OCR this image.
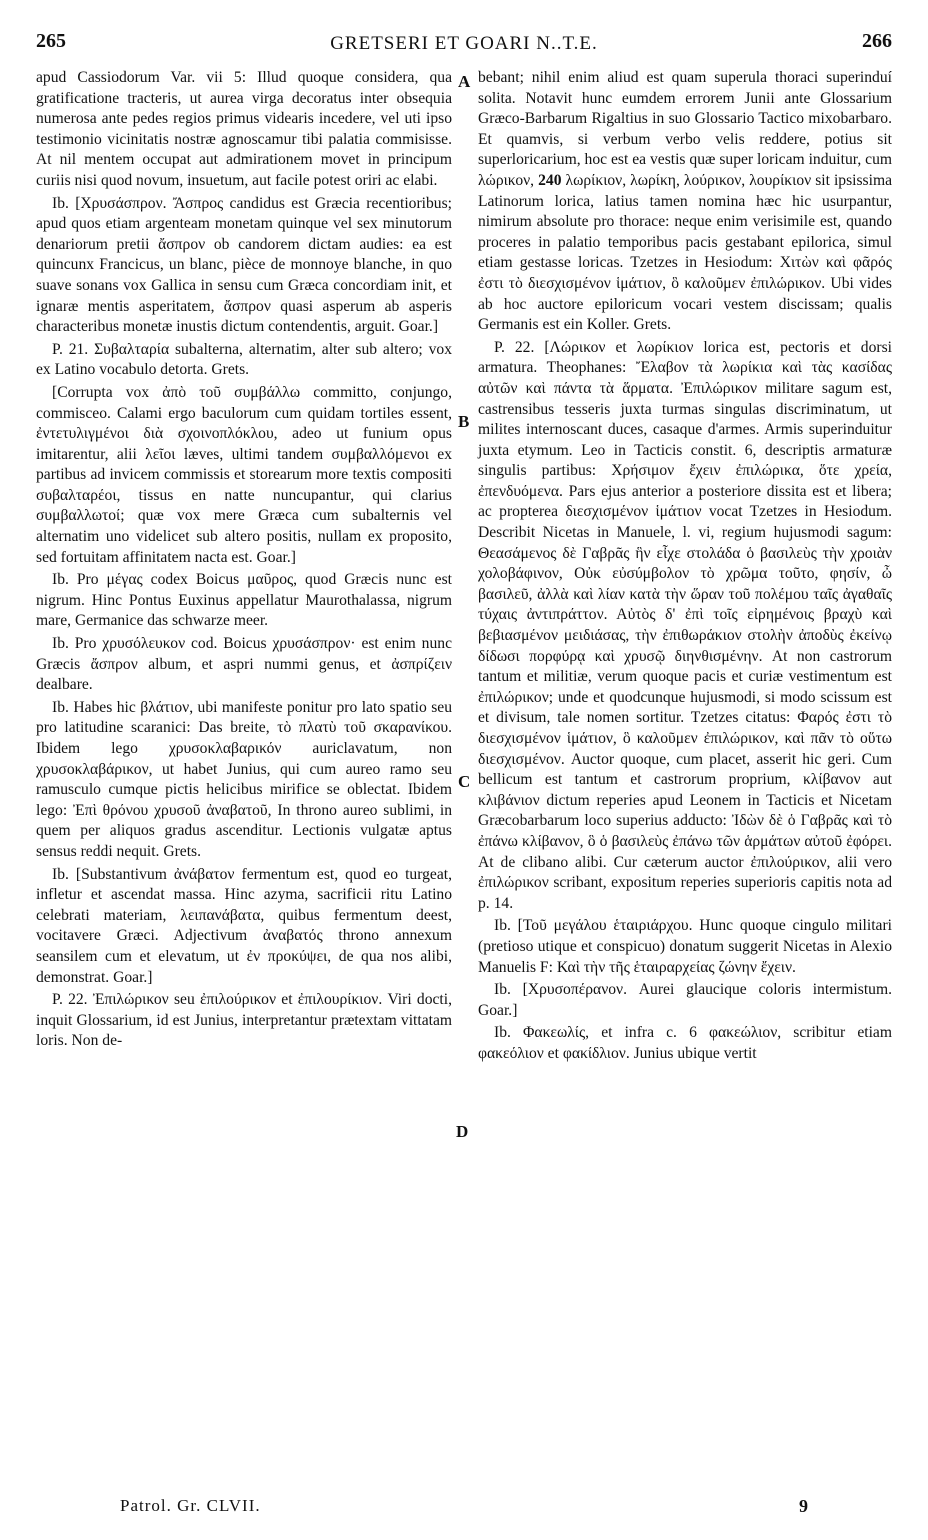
265	GRETSERI ET GOARI N..T.E.	266

apud Cassiodorum Var. vii 5: Illud quoque considera, qua gratificatione tracteris, ut aurea virga decoratus inter obsequia numerosa ante pedes regios primus videaris incedere, vel uti ipso testimonio vicinitatis nostræ agnoscamur tibi palatia commisisse. At nil mentem occupat aut admirationem movet in principum curiis nisi quod novum, insuetum, aut facile potest oriri ac elabi.

Ib. [Χρυσάσπρον. Ἄσπρος candidus est Græcia recentioribus; apud quos etiam argenteam monetam quinque vel sex minutorum denariorum pretii ἄσπρον ob candorem dictam audies: ea est quincunx Francicus, un blanc, pièce de monnoye blanche, in quo suave sonans vox Gallica in sensu cum Græca concordiam init, et ignaræ mentis asperitatem, ἄσπρον quasi asperum ab asperis characteribus monetæ inustis dictum contendentis, arguit. Goar.]

P. 21. Συβαλταρία subalterna, alternatim, alter sub altero; vox ex Latino vocabulo detorta. Grets.

[Corrupta vox ἀπὸ τοῦ συμβάλλω committo, conjungo, commisceo. Calami ergo baculorum cum quidam tortiles essent, ἐντετυλιγμένοι διὰ σχοινοπλόκλου, adeo ut funium opus imitarentur, alii λεῖοι læves, ultimi tandem συμβαλλόμενοι ex partibus ad invicem commissis et storearum more textis compositi συβαλταρέοι, tissus en natte nuncupantur, qui clarius συμβαλλωτοί; quæ vox mere Græca cum subalternis vel alternatim uno videlicet sub altero positis, nullam ex proposito, sed fortuitam affinitatem nacta est. Goar.]

Ib. Pro μέγας codex Boicus μαῦρος, quod Græcis nunc est nigrum. Hinc Pontus Euxinus appellatur Maurothalassa, nigrum mare, Germanice das schwarze meer.

Ib. Pro χρυσόλευκον cod. Boicus χρυσάσπρον· est enim nunc Græcis ἄσπρον album, et aspri nummi genus, et ἀσπρίζειν dealbare.

Ib. Habes hic βλάτιον, ubi manifeste ponitur pro lato spatio seu pro latitudine scaranici: Das breite, τὸ πλατὺ τοῦ σκαρανίκου. Ibidem lego χρυσοκλαβαρικόν auriclavatum, non χρυσοκλαβάρικον, ut habet Junius, qui cum aureo ramo seu ramusculo cumque pictis helicibus mirifice se oblectat. Ibidem lego: Ἐπὶ θρόνου χρυσοῦ ἀναβατοῦ, In throno aureo sublimi, in quem per aliquos gradus ascenditur. Lectionis vulgatæ aptus sensus reddi nequit. Grets.

Ib. [Substantivum ἀνάβατον fermentum est, quod eo turgeat, infletur et ascendat massa. Hinc azyma, sacrificii ritu Latino celebrati materiam, λειπανάβατα, quibus fermentum deest, vocitavere Græci. Adjectivum ἀναβατός throno annexum seansilem cum et elevatum, ut ἐν προκύψει, de qua nos alibi, demonstrat. Goar.]

P. 22. Ἐπιλώρικον seu ἐπιλούρικον et ἐπιλουρίκιον. Viri docti, inquit Glossarium, id est Junius, interpretantur prætextam vittatam loris. Non de-

A
B
C
D

bebant; nihil enim aliud est quam superula thoraci superinduí solita. Notavit hunc eumdem errorem Junii ante Glossarium Græco-Barbarum Rigaltius in suo Glossario Tactico mixobarbaro. Et quamvis, si verbum verbo velis reddere, potius sit superloricarium, hoc est ea vestis quæ super loricam induitur, cum λώρικον, 240 λωρίκιον, λωρίκη, λούρικον, λουρίκιον sit ipsissima Latinorum lorica, latius tamen nomina hæc hic usurpantur, nimirum absolute pro thorace: neque enim verisimile est, quando proceres in palatio temporibus pacis gestabant epiloricа, simul etiam gestasse loricas. Tzetzes in Hesiodum: Χιτὼν καὶ φᾶρός ἐστι τὸ διεσχισμένον ἱμάτιον, ὃ καλοῦμεν ἐπιλώρικον. Ubi vides ab hoc auctore epiloricum vocari vestem discissam; qualis Germanis est ein Koller. Grets.

P. 22. [Λώρικον et λωρίκιον lorica est, pectoris et dorsi armatura. Theophanes: Ἔλαβον τὰ λωρίκια καὶ τὰς κασίδας αὐτῶν καὶ πάντα τὰ ἅρματα. Ἐπιλώρικον militare sagum est, castrensibus tesseris juxta turmas singulas discriminatum, ut milites internoscant duces, casaque d'armes. Armis superinduitur juxta etymum. Leo in Tacticis constit. 6, descriptis armaturæ singulis partibus: Χρήσιμον ἔχειν ἐπιλώρικα, ὅτε χρεία, ἐπενδυόμενα. Pars ejus anterior a posteriore dissita est et libera; ac propterea διεσχισμένον ἱμάτιον vocat Tzetzes in Hesiodum. Describit Nicetas in Manuele, l. vi, regium hujusmodi sagum: Θεασάμενος δὲ Γαβρᾶς ἣν εἶχε στολάδα ὁ βασιλεὺς τὴν χροιὰν χολοβάφινον, Οὐκ εὐσύμβολον τὸ χρῶμα τοῦτο, φησίν, ὦ βασιλεῦ, ἀλλὰ καὶ λίαν κατὰ τὴν ὥραν τοῦ πολέμου ταῖς ἀγαθαῖς τύχαις ἀντιπράττον. Αὐτὸς δ' ἐπὶ τοῖς εἰρημένοις βραχὺ καὶ βεβιασμένον μειδιάσας, τὴν ἐπιθωράκιον στολὴν ἀποδὺς ἐκείνῳ δίδωσι πορφύρᾳ καὶ χρυσῷ διηνθισμένην. At non castrorum tantum et militiæ, verum quoque pacis et curiæ vestimentum est ἐπιλώρικον; unde et quodcunque hujusmodi, si modo scissum est et divisum, tale nomen sortitur. Tzetzes citatus: Φαρός ἐστι τὸ διεσχισμένον ἱμάτιον, ὃ καλοῦμεν ἐπιλώρικον, καὶ πᾶν τὸ οὕτω διεσχισμένον. Auctor quoque, cum placet, asserit hic geri. Cum bellicum est tantum et castrorum proprium, κλίβανον aut κλιβάνιον dictum reperies apud Leonem in Tacticis et Nicetam Græcobarbarum loco superius adducto: Ἰδὼν δὲ ὁ Γαβρᾶς καὶ τὸ ἐπάνω κλίβανον, ὃ ὁ βασιλεὺς ἐπάνω τῶν ἁρμάτων αὐτοῦ ἐφόρει. At de clibano alibi. Cur cæterum auctor ἐπιλούρικον, alii vero ἐπιλώρικον scribant, expositum reperies superioris capitis nota ad p. 14.

Ib. [Τοῦ μεγάλου ἑταιριάρχου. Hunc quoque cingulo militari (pretioso utique et conspicuo) donatum suggerit Nicetas in Alexio Manuelis F: Καὶ τὴν τῆς ἑταιραρχείας ζώνην ἔχειν.

Ib. [Χρυσοπέρανον. Aurei glaucique coloris intermistum. Goar.]

Ib. Φακεωλίς, et infra c. 6 φακεώλιον, scribitur etiam φακεόλιον et φακίδλιον. Junius ubique vertit

Patrol. Gr. CLVII.	9
